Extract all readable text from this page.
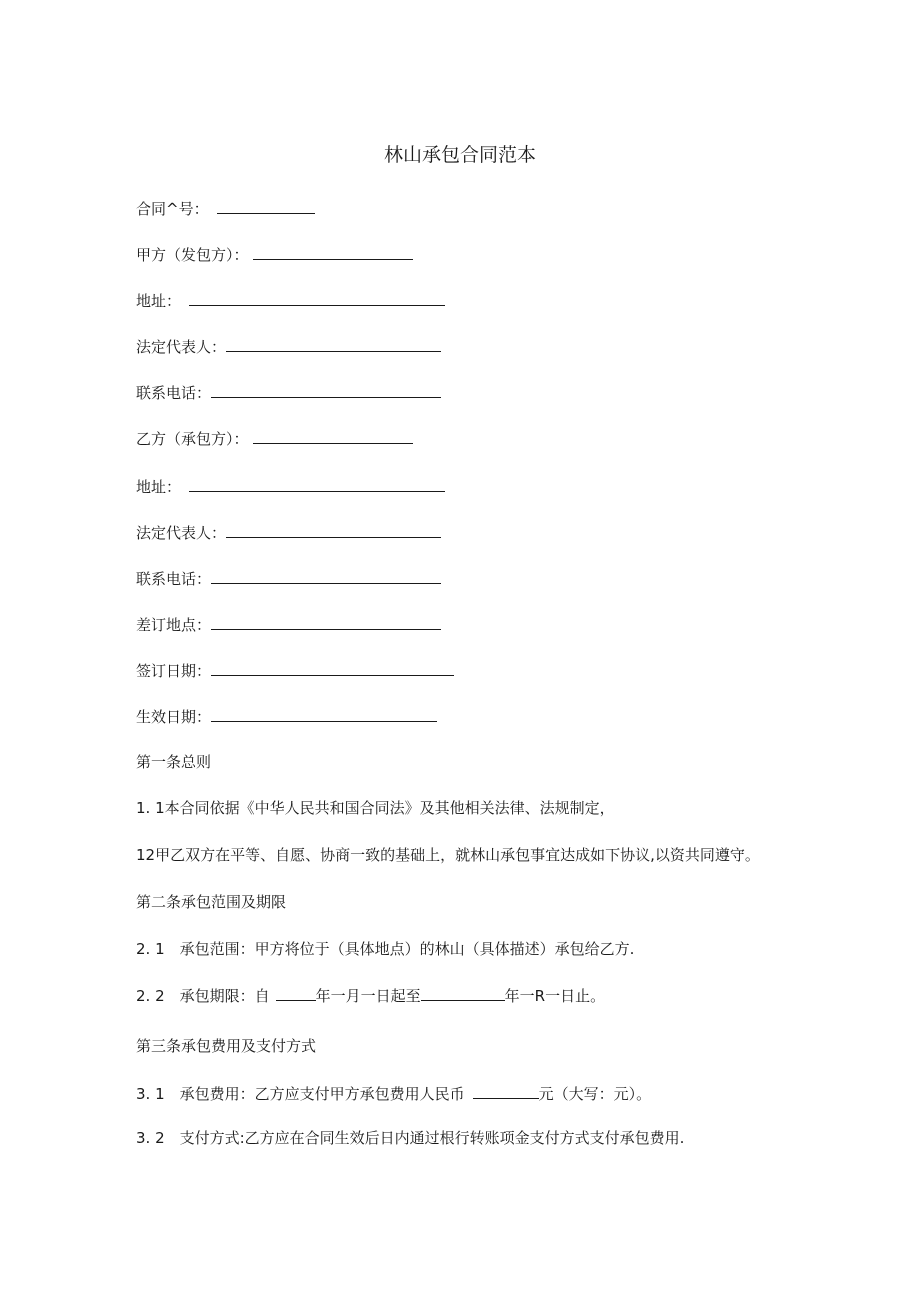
林山承包合同范本
合同^号：
甲方（发包方）：
地址：
法定代表人：
联系电话：
乙方（承包方）：
地址：
法定代表人：
联系电话：
差订地点：
签订日期：
生效日期：
第一条总则
1. 1本合同依据《中华人民共和国合同法》及其他相关法律、法规制定，
12甲乙双方在平等、自愿、协商一致的基础上，就林山承包事宜达成如下协议,以资共同遵守。
第二条承包范围及期限
2. 1　承包范围：甲方将位于（具体地点）的林山（具体描述）承包给乙方.
2. 2　承包期限：自	年一月一日起至	年一R一日止。
第三条承包费用及支付方式
3. 1　承包费用：乙方应支付甲方承包费用人民币	元（大写：元）。
3. 2　支付方式:乙方应在合同生效后日内通过根行转账项金支付方式支付承包费用.
